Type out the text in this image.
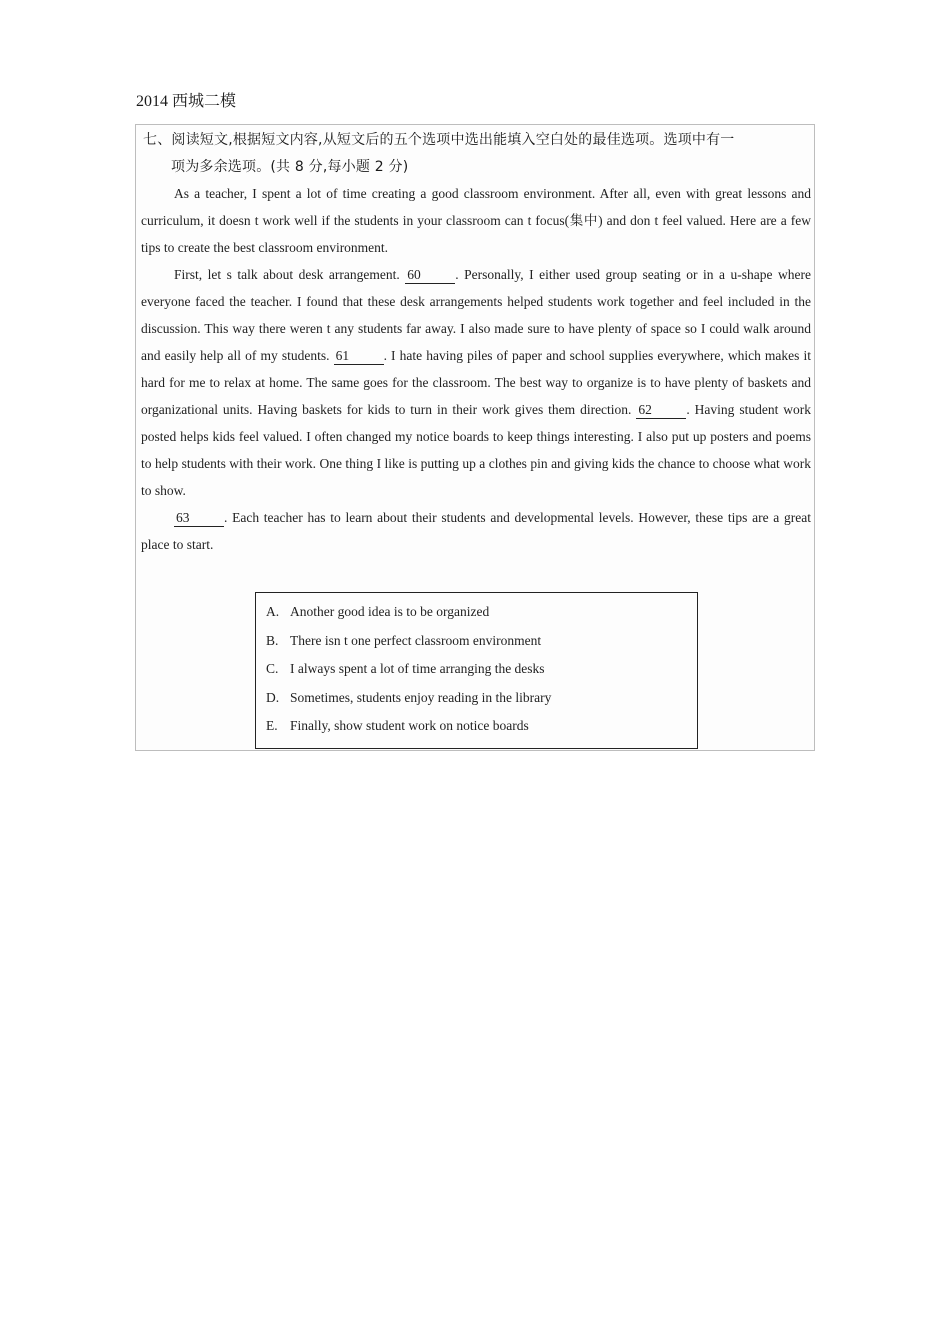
2014 西城二模
七、阅读短文,根据短文内容,从短文后的五个选项中选出能填入空白处的最佳选项。选项中有一
项为多余选项。(共 8 分,每小题 2 分)

As a teacher, I spent a lot of time creating a good classroom environment. After all, even with great lessons and curriculum, it doesn t work well if the students in your classroom can t focus(集中) and don t feel valued. Here are a few tips to create the best classroom environment.

First, let s talk about desk arrangement. 60	. Personally, I either used group seating or in a u-shape where everyone faced the teacher. I found that these desk arrangements helped students work together and feel included in the discussion. This way there weren t any students far away. I also made sure to have plenty of space so I could walk around and easily help all of my students. 61	. I hate having piles of paper and school supplies everywhere, which makes it hard for me to relax at home. The same goes for the classroom. The best way to organize is to have plenty of baskets and organizational units. Having baskets for kids to turn in their work gives them direction. 62	. Having student work posted helps kids feel valued. I often changed my notice boards to keep things interesting. I also put up posters and poems to help students with their work. One thing I like is putting up a clothes pin and giving kids the chance to choose what work to show.

63	. Each teacher has to learn about their students and developmental levels. However, these tips are a great place to start.

A. Another good idea is to be organized
B. There isn t one perfect classroom environment
C. I always spent a lot of time arranging the desks
D. Sometimes, students enjoy reading in the library
E. Finally, show student work on notice boards
